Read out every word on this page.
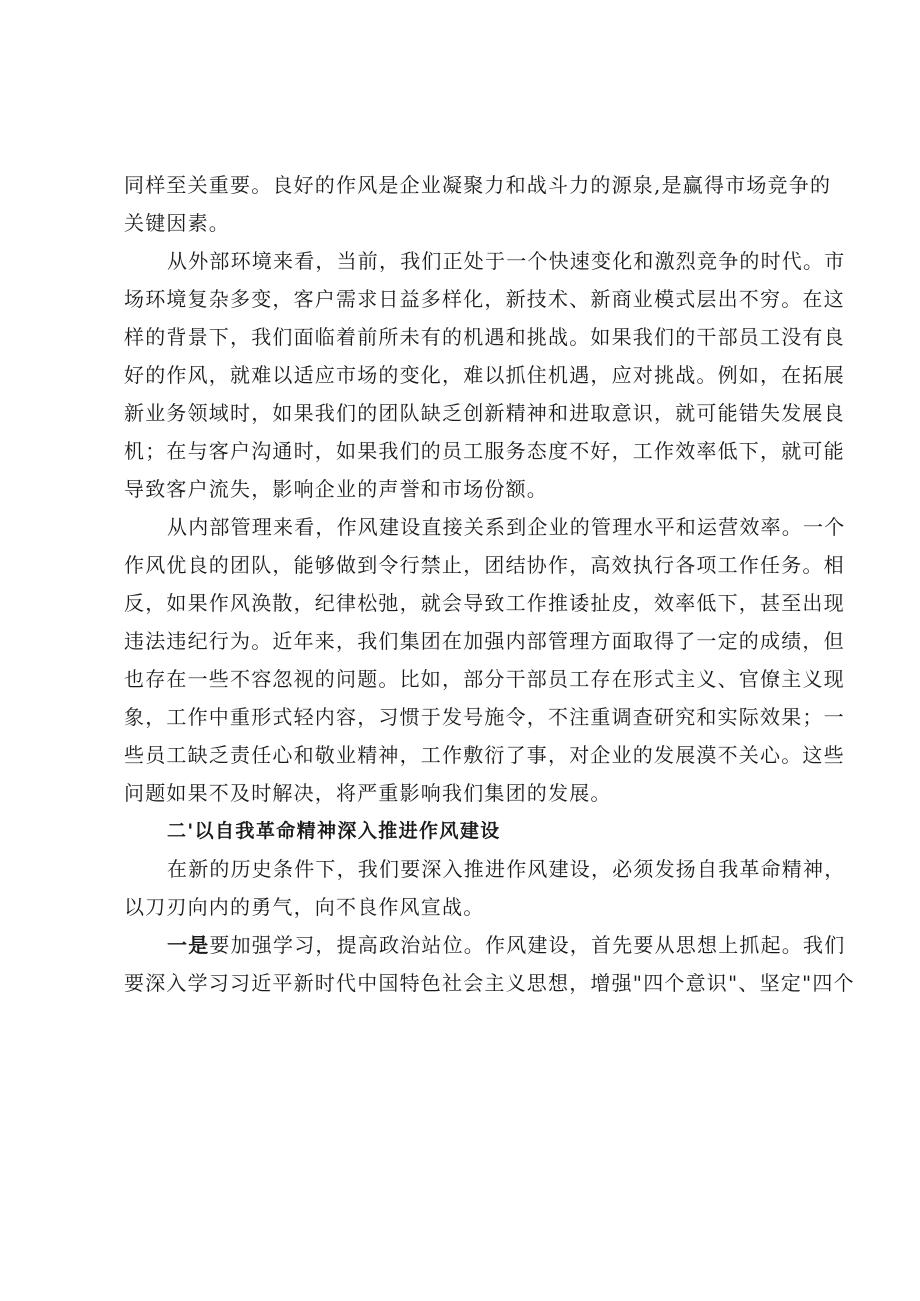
同样至关重要。良好的作风是企业凝聚力和战斗力的源泉,是赢得市场竞争的
关键因素。

从外部环境来看，当前，我们正处于一个快速变化和激烈竞争的时代。市
场环境复杂多变，客户需求日益多样化，新技术、新商业模式层出不穷。在这
样的背景下，我们面临着前所未有的机遇和挑战。如果我们的干部员工没有良
好的作风，就难以适应市场的变化，难以抓住机遇，应对挑战。例如，在拓展
新业务领域时，如果我们的团队缺乏创新精神和进取意识，就可能错失发展良
机；在与客户沟通时，如果我们的员工服务态度不好，工作效率低下，就可能
导致客户流失，影响企业的声誉和市场份额。

从内部管理来看，作风建设直接关系到企业的管理水平和运营效率。一个
作风优良的团队，能够做到令行禁止，团结协作，高效执行各项工作任务。相
反，如果作风涣散，纪律松弛，就会导致工作推诿扯皮，效率低下，甚至出现
违法违纪行为。近年来，我们集团在加强内部管理方面取得了一定的成绩，但
也存在一些不容忽视的问题。比如，部分干部员工存在形式主义、官僚主义现
象，工作中重形式轻内容，习惯于发号施令，不注重调查研究和实际效果；一
些员工缺乏责任心和敬业精神，工作敷衍了事，对企业的发展漠不关心。这些
问题如果不及时解决，将严重影响我们集团的发展。

二'以自我革命精神深入推进作风建设

在新的历史条件下，我们要深入推进作风建设，必须发扬自我革命精神，
以刀刃向内的勇气，向不良作风宣战。

一是要加强学习，提高政治站位。作风建设，首先要从思想上抓起。我们
要深入学习习近平新时代中国特色社会主义思想，增强"四个意识"、坚定"四个
